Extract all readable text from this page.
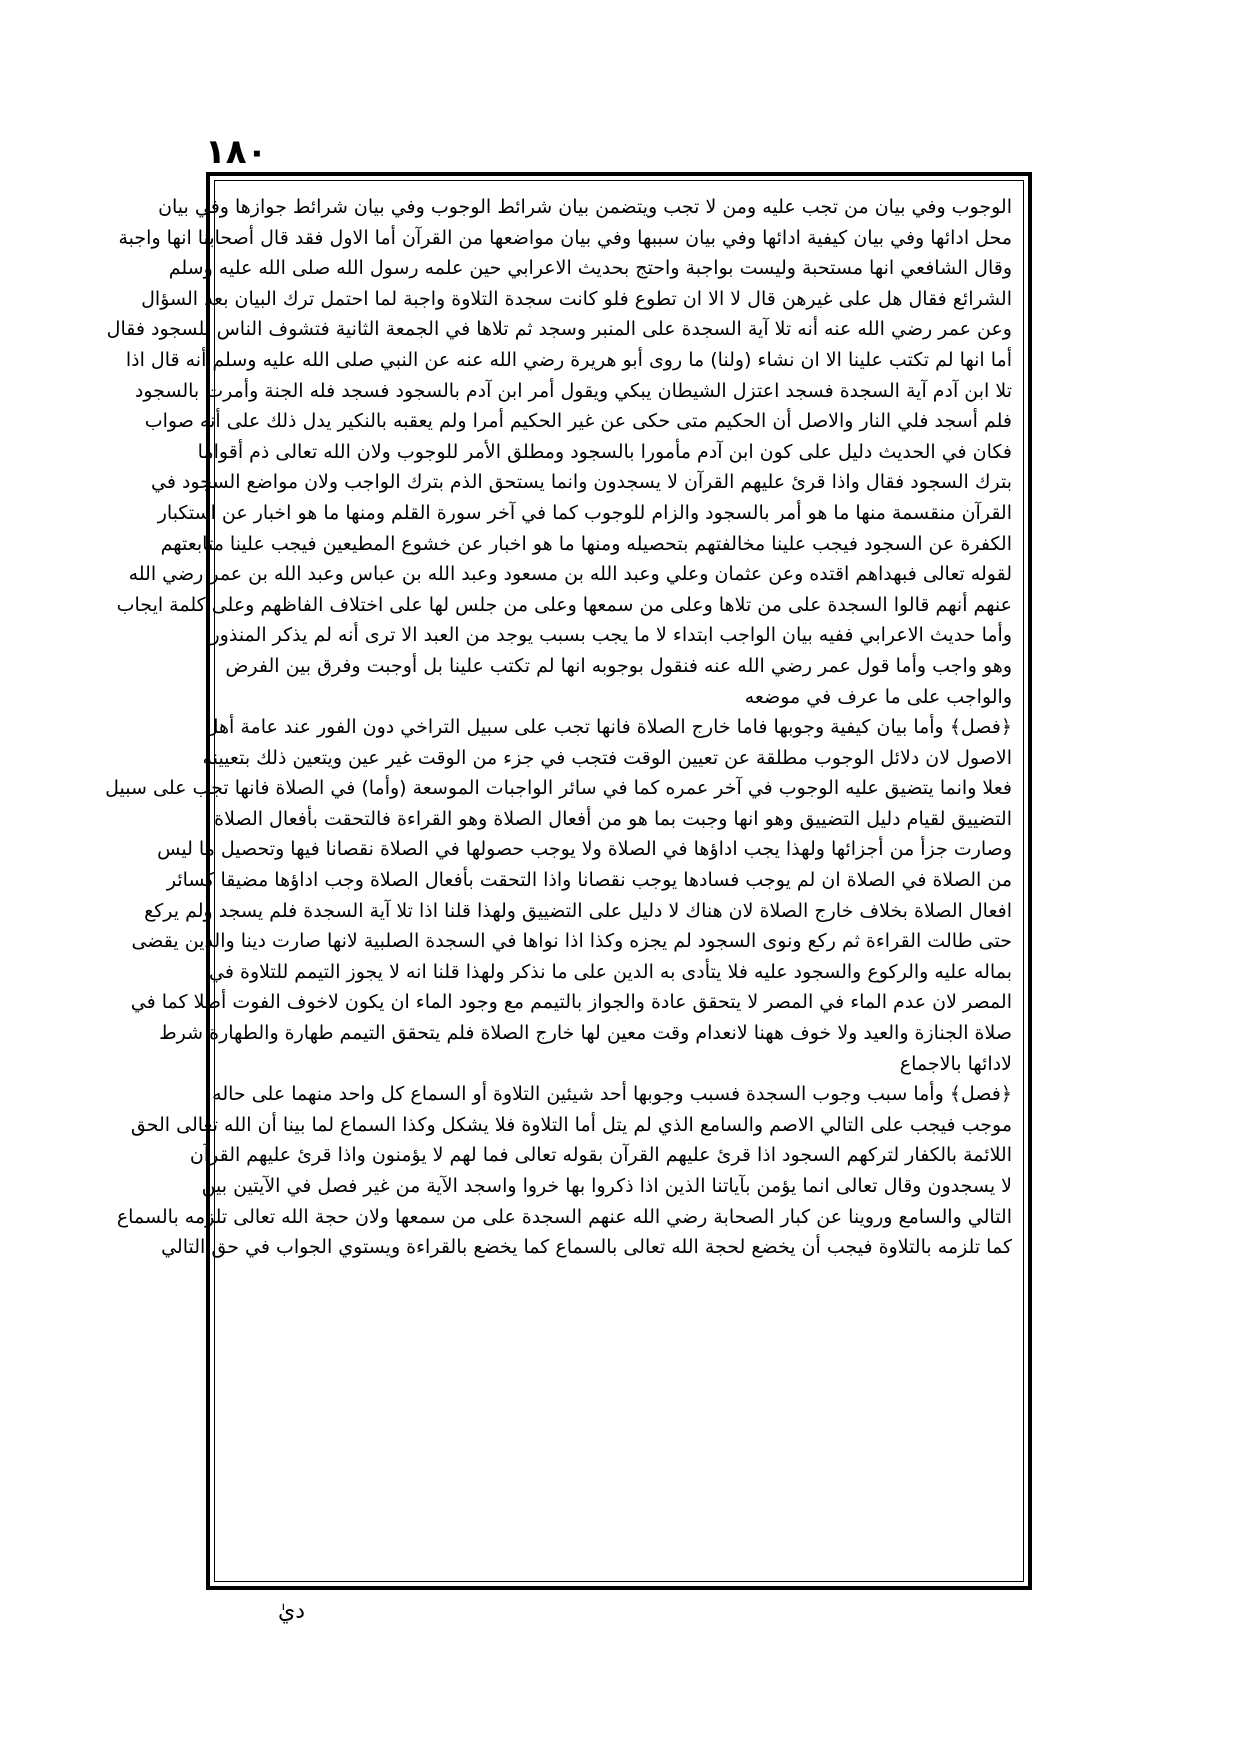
١٨٠

الوجوب وفي بيان من تجب عليه ومن لا تجب ويتضمن بيان شرائط الوجوب وفي بيان شرائط جوازها وفي بيان

محل ادائها وفي بيان كيفية ادائها وفي بيان سببها وفي بيان مواضعها من القرآن أما الاول فقد قال أصحابنا انها واجبة

وقال الشافعي انها مستحبة وليست بواجبة واحتج بحديث الاعرابي حين علمه رسول الله صلى الله عليه وسلم

الشرائع فقال هل على غيرهن قال لا الا ان تطوع فلو كانت سجدة التلاوة واجبة لما احتمل ترك البيان بعد السؤال

وعن عمر رضي الله عنه أنه تلا آية السجدة على المنبر وسجد ثم تلاها في الجمعة الثانية فتشوف الناس للسجود فقال

أما انها لم تكتب علينا الا ان نشاء (ولنا) ما روى أبو هريرة رضي الله عنه عن النبي صلى الله عليه وسلم أنه قال اذا

تلا ابن آدم آية السجدة فسجد اعتزل الشيطان يبكي ويقول أمر ابن آدم بالسجود فسجد فله الجنة وأمرت بالسجود

فلم أسجد فلي النار والاصل أن الحكيم متى حكى عن غير الحكيم أمرا ولم يعقبه بالنكير يدل ذلك على أنه صواب

فكان في الحديث دليل على كون ابن آدم مأمورا بالسجود ومطلق الأمر للوجوب ولان الله تعالى ذم أقواما

بترك السجود فقال واذا قرئ عليهم القرآن لا يسجدون وانما يستحق الذم بترك الواجب ولان مواضع السجود في

القرآن منقسمة منها ما هو أمر بالسجود والزام للوجوب كما في آخر سورة القلم ومنها ما هو اخبار عن استكبار

الكفرة عن السجود فيجب علينا مخالفتهم بتحصيله ومنها ما هو اخبار عن خشوع المطيعين فيجب علينا متابعتهم

لقوله تعالى فبهداهم اقتده وعن عثمان وعلي وعبد الله بن مسعود وعبد الله بن عباس وعبد الله بن عمر رضي الله

عنهم أنهم قالوا السجدة على من تلاها وعلى من سمعها وعلى من جلس لها على اختلاف الفاظهم وعلى كلمة ايجاب

وأما حديث الاعرابي ففيه بيان الواجب ابتداء لا ما يجب بسبب يوجد من العبد الا ترى أنه لم يذكر المنذور

وهو واجب وأما قول عمر رضي الله عنه فنقول بوجوبه انها لم تكتب علينا بل أوجبت وفرق بين الفرض

والواجب على ما عرف في موضعه

﴿فصل﴾ وأما بيان كيفية وجوبها فاما خارج الصلاة فانها تجب على سبيل التراخي دون الفور عند عامة أهل

الاصول لان دلائل الوجوب مطلقة عن تعيين الوقت فتجب في جزء من الوقت غير عين ويتعين ذلك بتعيينه

فعلا وانما يتضيق عليه الوجوب في آخر عمره كما في سائر الواجبات الموسعة (وأما) في الصلاة فانها تجب على سبيل

التضييق لقيام دليل التضييق وهو انها وجبت بما هو من أفعال الصلاة وهو القراءة فالتحقت بأفعال الصلاة

وصارت جزأ من أجزائها ولهذا يجب اداؤها في الصلاة ولا يوجب حصولها في الصلاة نقصانا فيها وتحصيل ما ليس

من الصلاة في الصلاة ان لم يوجب فسادها يوجب نقصانا واذا التحقت بأفعال الصلاة وجب اداؤها مضيقا كسائر

افعال الصلاة بخلاف خارج الصلاة لان هناك لا دليل على التضييق ولهذا قلنا اذا تلا آية السجدة فلم يسجد ولم يركع

حتى طالت القراءة ثم ركع ونوى السجود لم يجزه وكذا اذا نواها في السجدة الصلبية لانها صارت دينا والدين يقضى

بماله عليه والركوع والسجود عليه فلا يتأدى به الدين على ما نذكر ولهذا قلنا انه لا يجوز التيمم للتلاوة في

المصر لان عدم الماء في المصر لا يتحقق عادة والجواز بالتيمم مع وجود الماء ان يكون لاخوف الفوت أصلا كما في

صلاة الجنازة والعيد ولا خوف ههنا لانعدام وقت معين لها خارج الصلاة فلم يتحقق التيمم طهارة والطهارة شرط

لادائها بالاجماع

﴿فصل﴾ وأما سبب وجوب السجدة فسبب وجوبها أحد شيئين التلاوة أو السماع كل واحد منهما على حاله

موجب فيجب على التالي الاصم والسامع الذي لم يتل أما التلاوة فلا يشكل وكذا السماع لما بينا أن الله تعالى الحق

اللائمة بالكفار لتركهم السجود اذا قرئ عليهم القرآن بقوله تعالى فما لهم لا يؤمنون واذا قرئ عليهم القرآن

لا يسجدون وقال تعالى انما يؤمن بآياتنا الذين اذا ذكروا بها خروا واسجد الآية من غير فصل في الآيتين بين

التالي والسامع وروينا عن كبار الصحابة رضي الله عنهم السجدة على من سمعها ولان حجة الله تعالى تلزمه بالسماع

كما تلزمه بالتلاوة فيجب أن يخضع لحجة الله تعالى بالسماع كما يخضع بالقراءة ويستوي الجواب في حق التالي

ديٰ
